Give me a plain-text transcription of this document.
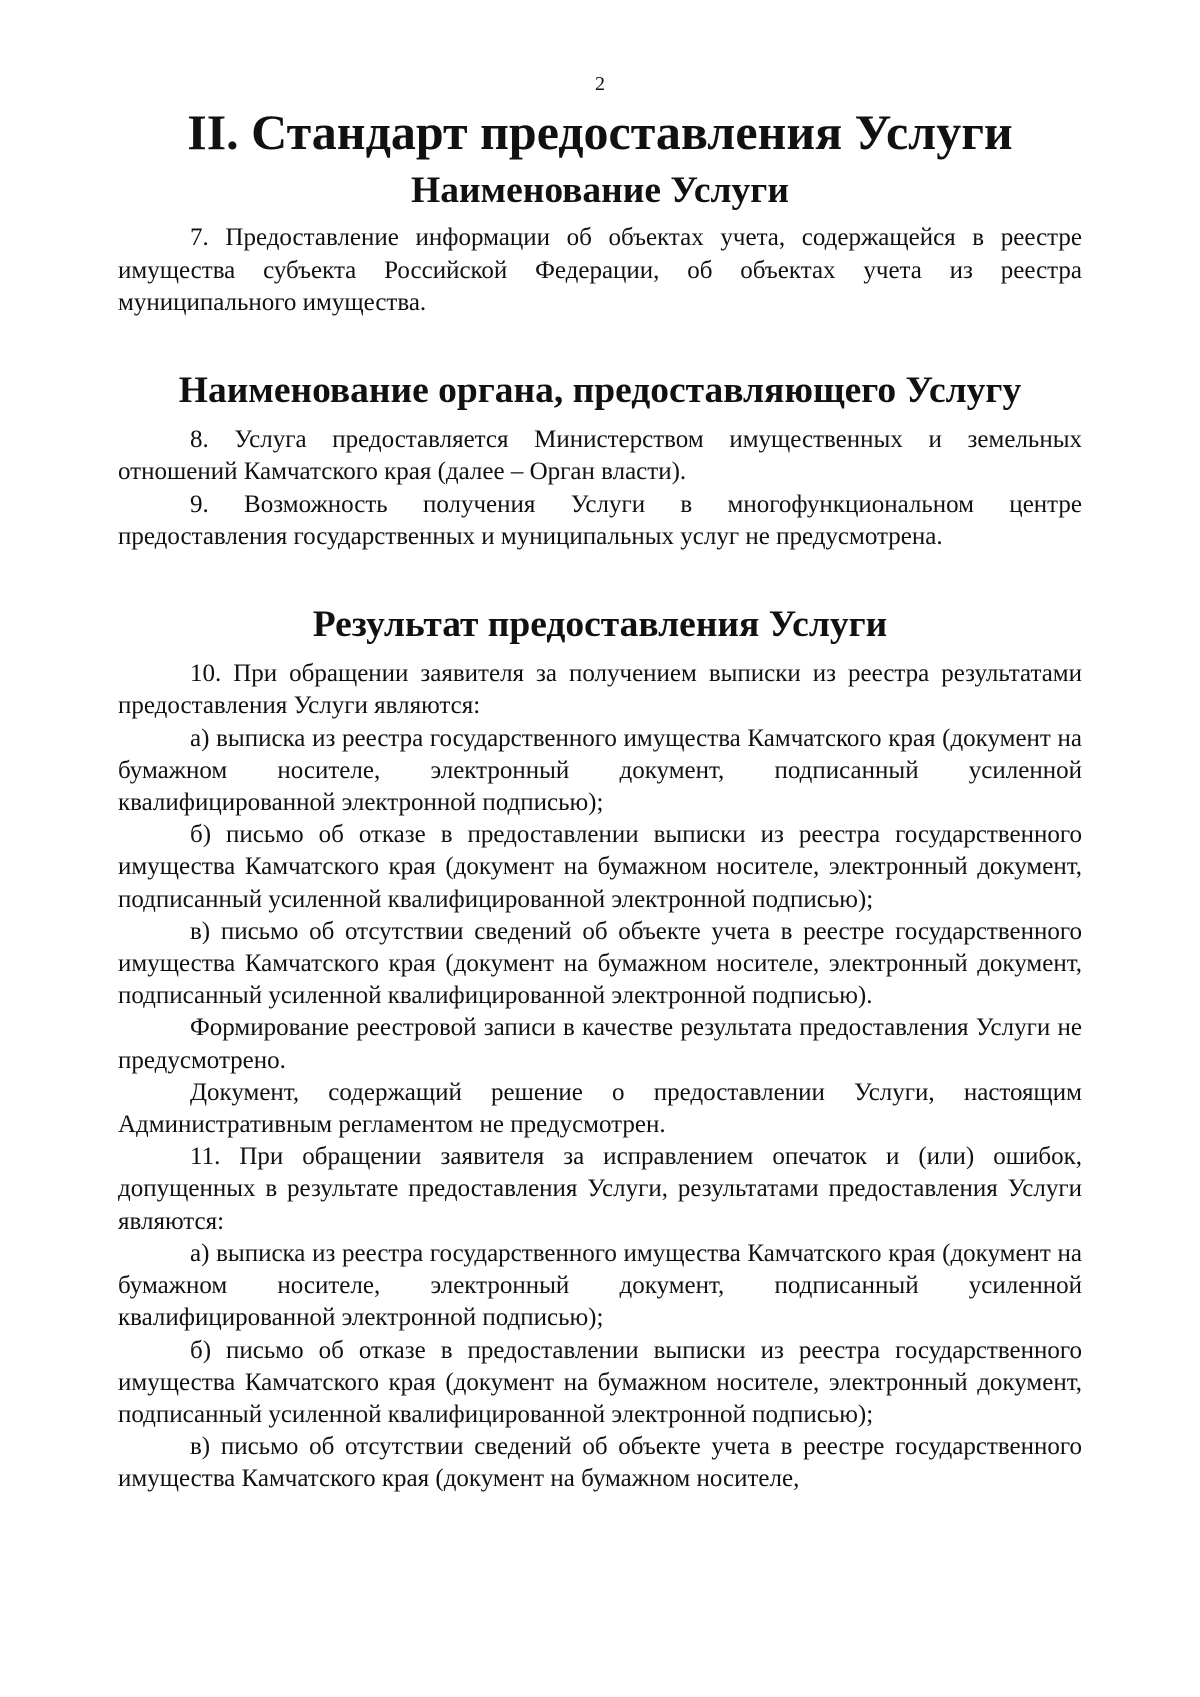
2
II. Стандарт предоставления Услуги
Наименование Услуги

7. Предоставление информации об объектах учета, содержащейся в реестре имущества субъекта Российской Федерации, об объектах учета из реестра муниципального имущества.

Наименование органа, предоставляющего Услугу

8. Услуга предоставляется Министерством имущественных и земельных отношений Камчатского края (далее – Орган власти).

9. Возможность получения Услуги в многофункциональном центре предоставления государственных и муниципальных услуг не предусмотрена.

Результат предоставления Услуги

10. При обращении заявителя за получением выписки из реестра результатами предоставления Услуги являются:

а) выписка из реестра государственного имущества Камчатского края (документ на бумажном носителе, электронный документ, подписанный усиленной квалифицированной электронной подписью);

б) письмо об отказе в предоставлении выписки из реестра государственного имущества Камчатского края (документ на бумажном носителе, электронный документ, подписанный усиленной квалифицированной электронной подписью);

в) письмо об отсутствии сведений об объекте учета в реестре государственного имущества Камчатского края (документ на бумажном носителе, электронный документ, подписанный усиленной квалифицированной электронной подписью).

Формирование реестровой записи в качестве результата предоставления Услуги не предусмотрено.

Документ, содержащий решение о предоставлении Услуги, настоящим Административным регламентом не предусмотрен.

11. При обращении заявителя за исправлением опечаток и (или) ошибок, допущенных в результате предоставления Услуги, результатами предоставления Услуги являются:

а) выписка из реестра государственного имущества Камчатского края (документ на бумажном носителе, электронный документ, подписанный усиленной квалифицированной электронной подписью);

б) письмо об отказе в предоставлении выписки из реестра государственного имущества Камчатского края (документ на бумажном носителе, электронный документ, подписанный усиленной квалифицированной электронной подписью);

в) письмо об отсутствии сведений об объекте учета в реестре государственного имущества Камчатского края (документ на бумажном носителе,
